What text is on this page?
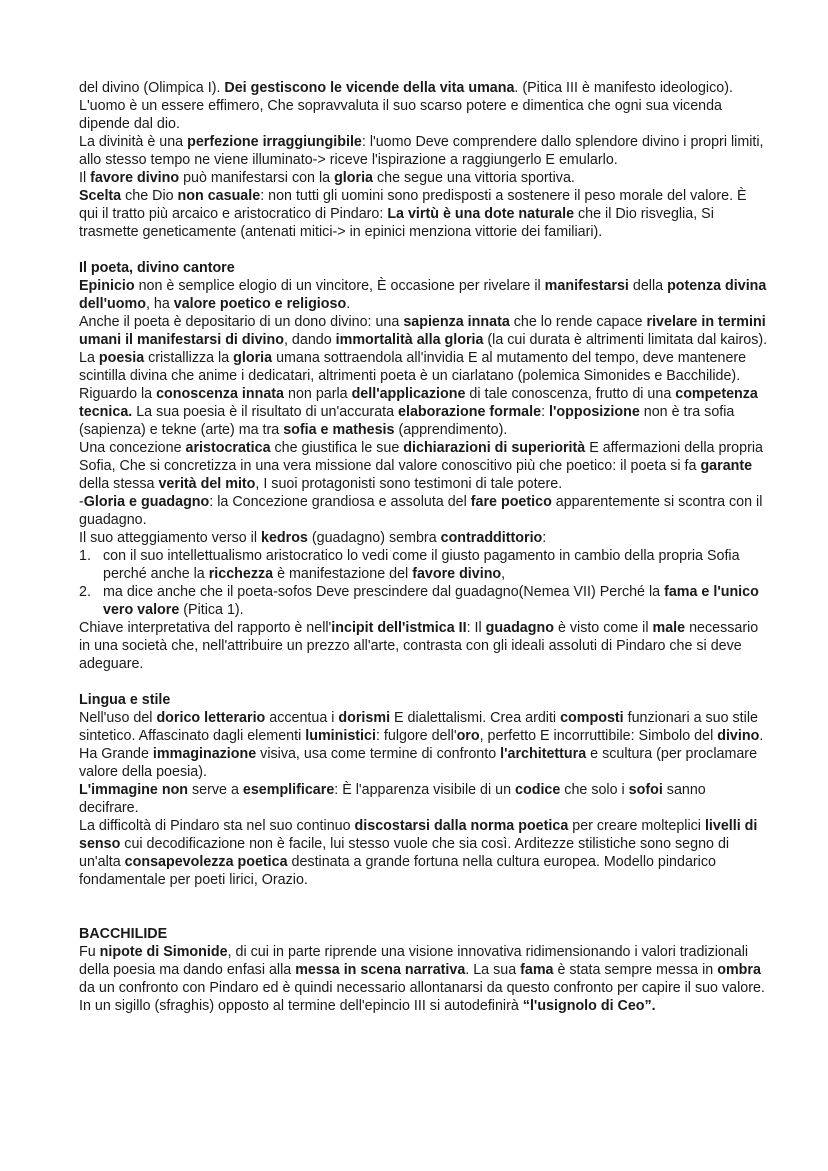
del divino (Olimpica I). Dei gestiscono le vicende della vita umana. (Pitica III è manifesto ideologico). L'uomo è un essere effimero, Che sopravvaluta il suo scarso potere e dimentica che ogni sua vicenda dipende dal dio.

La divinità è una perfezione irraggiungibile: l'uomo Deve comprendere dallo splendore divino i propri limiti, allo stesso tempo ne viene illuminato-> riceve l'ispirazione a raggiungerlo E emularlo.

Il favore divino può manifestarsi con la gloria che segue una vittoria sportiva.

Scelta che Dio non casuale: non tutti gli uomini sono predisposti a sostenere il peso morale del valore. È qui il tratto più arcaico e aristocratico di Pindaro: La virtù è una dote naturale che il Dio risveglia, Si trasmette geneticamente (antenati mitici-> in epinici menziona vittorie dei familiari).

Il poeta, divino cantore

Epinicio non è semplice elogio di un vincitore, È occasione per rivelare il manifestarsi della potenza divina dell'uomo, ha valore poetico e religioso.

Anche il poeta è depositario di un dono divino: una sapienza innata che lo rende capace rivelare in termini umani il manifestarsi di divino, dando immortalità alla gloria (la cui durata è altrimenti limitata dal kairos).

La poesia cristallizza la gloria umana sottraendola all'invidia E al mutamento del tempo, deve mantenere scintilla divina che anime i dedicatari, altrimenti poeta è un ciarlatano (polemica Simonides e Bacchilide).

Riguardo la conoscenza innata non parla dell'applicazione di tale conoscenza, frutto di una competenza tecnica. La sua poesia è il risultato di un'accurata elaborazione formale: l'opposizione non è tra sofia (sapienza) e tekne (arte) ma tra sofia e mathesis (apprendimento).

Una concezione aristocratica che giustifica le sue dichiarazioni di superiorità E affermazioni della propria Sofia, Che si concretizza in una vera missione dal valore conoscitivo più che poetico: il poeta si fa garante della stessa verità del mito, I suoi protagonisti sono testimoni di tale potere.

-Gloria e guadagno: la Concezione grandiosa e assoluta del fare poetico apparentemente si scontra con il guadagno.

Il suo atteggiamento verso il kedros (guadagno) sembra contraddittorio:

1. con il suo intellettualismo aristocratico lo vedi come il giusto pagamento in cambio della propria Sofia perché anche la ricchezza è manifestazione del favore divino,
2. ma dice anche che il poeta-sofos Deve prescindere dal guadagno(Nemea VII) Perché la fama e l'unico vero valore (Pitica 1).

Chiave interpretativa del rapporto è nell'incipit dell'istmica II: Il guadagno è visto come il male necessario in una società che, nell'attribuire un prezzo all'arte, contrasta con gli ideali assoluti di Pindaro che si deve adeguare.

Lingua e stile

Nell'uso del dorico letterario accentua i dorismi E dialettalismi. Crea arditi composti funzionari a suo stile sintetico. Affascinato dagli elementi luministici: fulgore dell'oro, perfetto E incorruttibile: Simbolo del divino. Ha Grande immaginazione visiva, usa come termine di confronto l'architettura e scultura (per proclamare valore della poesia).

L'immagine non serve a esemplificare: È l'apparenza visibile di un codice che solo i sofoi sanno decifrare.

La difficoltà di Pindaro sta nel suo continuo discostarsi dalla norma poetica per creare molteplici livelli di senso cui decodificazione non è facile, lui stesso vuole che sia così. Arditezze stilistiche sono segno di un'alta consapevolezza poetica destinata a grande fortuna nella cultura europea. Modello pindarico fondamentale per poeti lirici, Orazio.

BACCHILIDE

Fu nipote di Simonide, di cui in parte riprende una visione innovativa ridimensionando i valori tradizionali della poesia ma dando enfasi alla messa in scena narrativa. La sua fama è stata sempre messa in ombra da un confronto con Pindaro ed è quindi necessario allontanarsi da questo confronto per capire il suo valore. In un sigillo (sfraghis) opposto al termine dell'epincio III si autodefinirà “l'usignolo di Ceo”.
